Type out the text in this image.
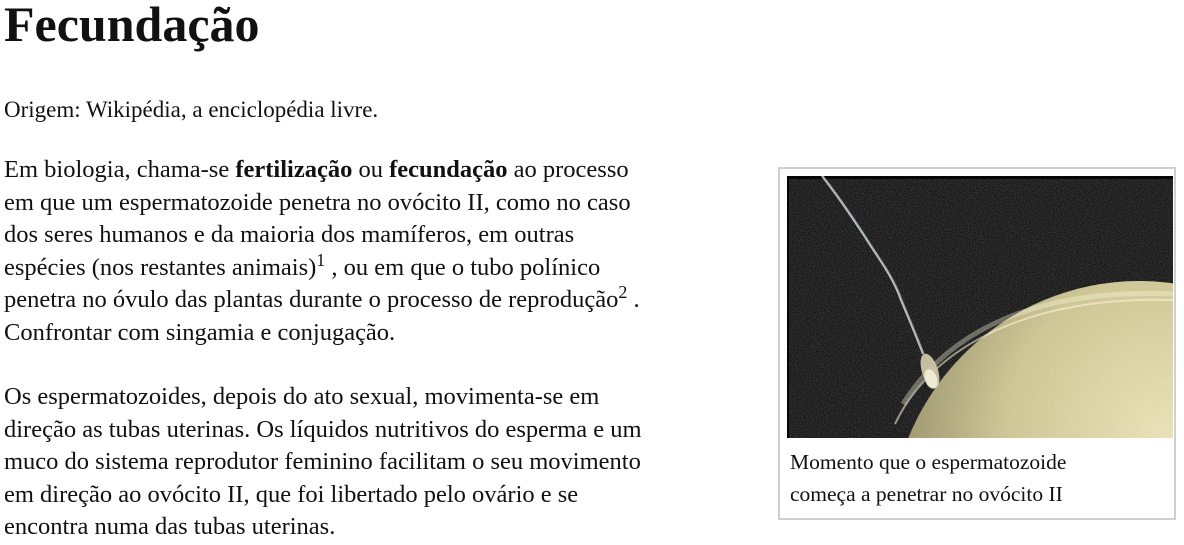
Fecundação

Origem: Wikipédia, a enciclopédia livre.

Em biologia, chama-se fertilização ou fecundação ao processo
em que um espermatozoide penetra no ovócito II, como no caso
dos seres humanos e da maioria dos mamíferos, em outras
espécies (nos restantes animais)$^1$ , ou em que o tubo polínico
penetra no óvulo das plantas durante o processo de reprodução$^2$ .
Confrontar com singamia e conjugação.

Os espermatozoides, depois do ato sexual, movimenta-se em
direção as tubas uterinas. Os líquidos nutritivos do esperma e um
muco do sistema reprodutor feminino facilitam o seu movimento
em direção ao ovócito II, que foi libertado pelo ovário e se
encontra numa das tubas uterinas.

Momento que o espermatozoide
começa a penetrar no ovócito II
